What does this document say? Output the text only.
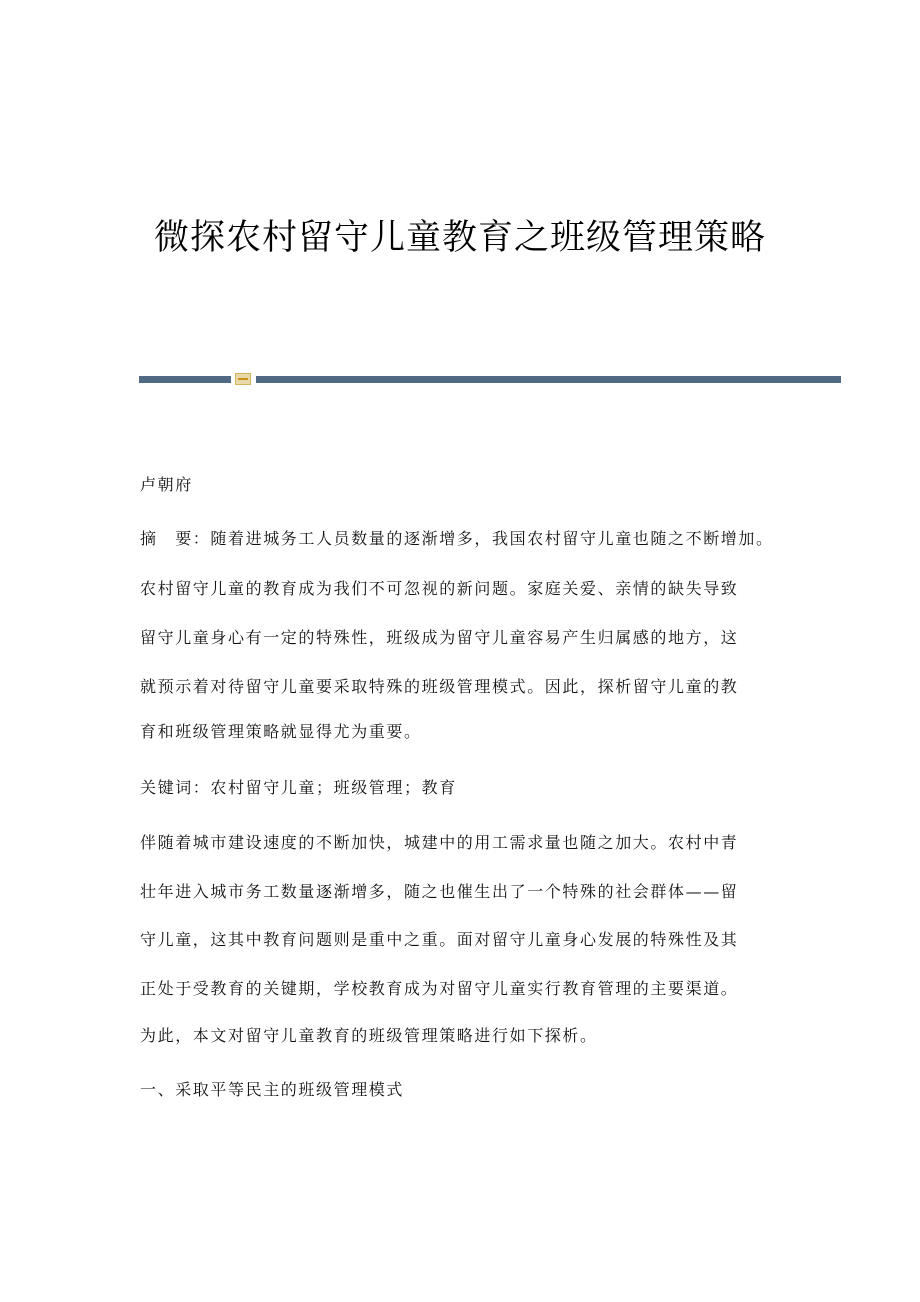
微探农村留守儿童教育之班级管理策略
卢朝府
摘　要：随着进城务工人员数量的逐渐增多，我国农村留守儿童也随之不断增加。
农村留守儿童的教育成为我们不可忽视的新问题。家庭关爱、亲情的缺失导致
留守儿童身心有一定的特殊性，班级成为留守儿童容易产生归属感的地方，这
就预示着对待留守儿童要采取特殊的班级管理模式。因此，探析留守儿童的教
育和班级管理策略就显得尤为重要。
关键词：农村留守儿童；班级管理；教育
伴随着城市建设速度的不断加快，城建中的用工需求量也随之加大。农村中青
壮年进入城市务工数量逐渐增多，随之也催生出了一个特殊的社会群体——留
守儿童，这其中教育问题则是重中之重。面对留守儿童身心发展的特殊性及其
正处于受教育的关键期，学校教育成为对留守儿童实行教育管理的主要渠道。
为此，本文对留守儿童教育的班级管理策略进行如下探析。
一、采取平等民主的班级管理模式
